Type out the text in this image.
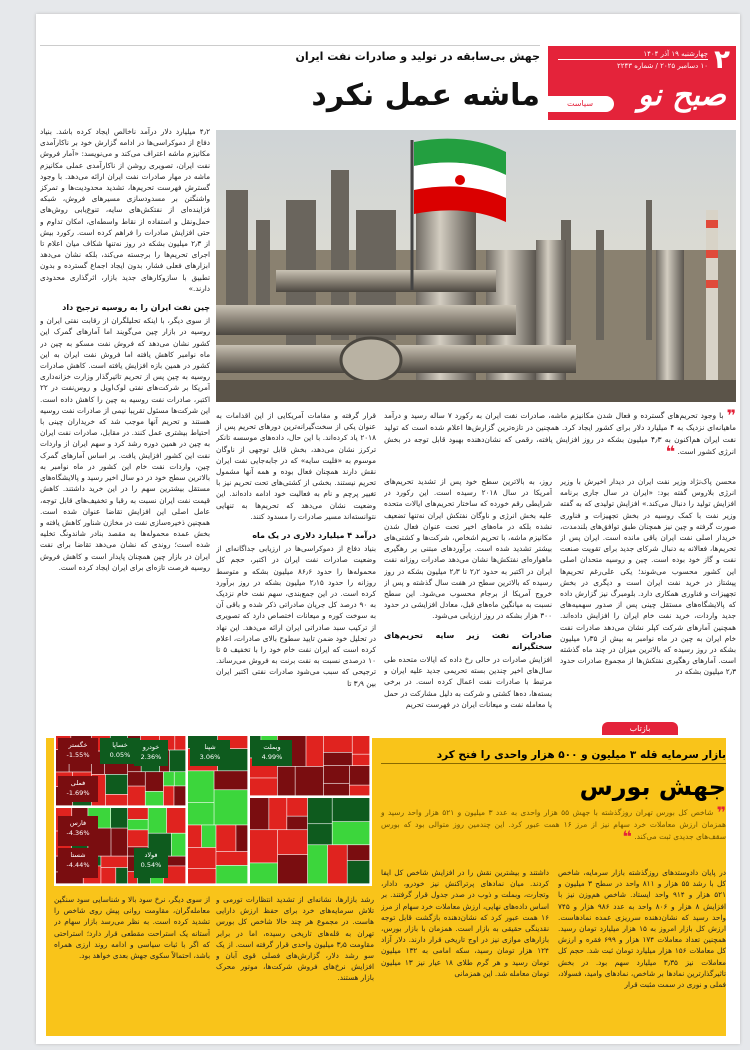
۲
چهارشنبه ۱۹ آذر ۱۴۰۴
۱۰ دسامبر ۲۰۲۵ / شماره ۲۲۴۳
صبح نو
سیاست
جهش بی‌سابقه در تولید و صادرات نفت ایران
ماشه عمل نکرد

۴٫۲ میلیارد دلار درآمد ناخالص ایجاد کرده باشد. بنیاد دفاع از دموکراسی‌ها در ادامه گزارش خود بر ناکارآمدی مکانیزم ماشه اعتراف می‌کند و می‌نویسد: «آمار فروش نفت ایران، تصویری روشن از ناکارآمدی عملی مکانیزم ماشه در مهار صادرات نفت ایران ارائه می‌دهد. با وجود گسترش فهرست تحریم‌ها، تشدید محدودیت‌ها و تمرکز واشنگتن بر مسدودسازی مسیرهای فروش، شبکه فزاینده‌ای از نفتکش‌های سایه، تنوع‌یابی روش‌های حمل‌ونقل و استفاده از نقاط واسطه‌ای، امکان تداوم و حتی افزایش صادرات را فراهم کرده است. رکورد بیش از ۲٫۳ میلیون بشکه در روز نه‌تنها شکاف میان اعلام تا اجرای تحریم‌ها را برجسته می‌کند، بلکه نشان می‌دهد ابزارهای فعلی فشار، بدون ایجاد اجماع گسترده و بدون تطبیق با سازوکارهای جدید بازار، اثرگذاری محدودی دارند.»

چین نفت ایران را به روسیه ترجیح داد

از سوی دیگر، با اینکه تحلیلگران از رقابت نفتی ایران و روسیه در بازار چین می‌گویند اما آمارهای گمرک این کشور نشان می‌دهد که فروش نفت مسکو به چین در ماه نوامبر کاهش یافته اما فروش نفت ایران به این کشور در همین بازه افزایش یافته است. کاهش صادرات روسیه به چین پس از تحریم تاثیرگذار وزارت خزانه‌داری آمریکا بر شرکت‌های نفتی لوک‌اویل و روس‌نفت در ۲۲ اکتبر، صادرات نفت روسیه به چین را کاهش داده است. این شرکت‌ها مسئول تقریبا نیمی از صادرات نفت روسیه هستند و تحریم آنها موجب شد که خریداران چینی با احتیاط بیشتری عمل کنند. در مقابل، صادرات نفت ایران به چین در همین دوره رشد کرد و سهم ایران از واردات نفت این کشور افزایش یافت. بر اساس آمارهای گمرک چین، واردات نفت خام این کشور در ماه نوامبر به بالاترین سطح خود در دو سال اخیر رسید و پالایشگاه‌های مستقل بیشترین سهم را در این خرید داشتند. کاهش قیمت نفت ایران نسبت به رقبا و تخفیف‌های قابل توجه، عامل اصلی این افزایش تقاضا عنوان شده است. همچنین ذخیره‌سازی نفت در مخازن شناور کاهش یافته و بخش عمده محموله‌ها به مقصد بنادر شاندونگ تخلیه شده است؛ روندی که نشان می‌دهد تقاضا برای نفت ایران در بازار چین همچنان پایدار است و کاهش فروش روسیه فرصت تازه‌ای برای ایران ایجاد کرده است.

❞ با وجود تحریم‌های گسترده و فعال شدن مکانیزم ماشه، صادرات نفت ایران به رکورد ۷ ساله رسید و درآمد ماهیانه‌ای نزدیک به ۴ میلیارد دلار برای کشور ایجاد کرد. همچنین در تازه‌ترین گزارش‌ها اعلام شده است که تولید نفت ایران هم‌اکنون به ۴٫۳ میلیون بشکه در روز افزایش یافته، رقمی که نشان‌دهنده بهبود قابل توجه در بخش انرژی کشور است. ❝

قرار گرفته و مقامات آمریکایی از این اقدامات به عنوان یکی از سخت‌گیرانه‌ترین دورهای تحریم پس از ۲۰۱۸ یاد کرده‌اند. با این حال، داده‌های موسسه تانکر ترکرز نشان می‌دهد، بخش قابل توجهی از ناوگان موسوم به «فلیت سایه» که در جابه‌جایی نفت ایران نقش دارند همچنان فعال بوده و همه آنها مشمول تحریم نیستند. بخشی از کشتی‌های تحت تحریم نیز با تغییر پرچم و نام به فعالیت خود ادامه داده‌اند. این وضعیت نشان می‌دهد که تحریم‌ها به تنهایی نتوانسته‌اند مسیر صادرات را مسدود کنند.

درآمد ۴ میلیارد دلاری در یک ماه

بنیاد دفاع از دموکراسی‌ها در ارزیابی جداگانه‌ای از وضعیت صادرات نفت ایران در اکتبر، حجم کل محموله‌ها را حدود ۸۶٫۶ میلیون بشکه و متوسط روزانه را حدود ۲٫۱۵ میلیون بشکه در روز برآورد کرده است. در این جمع‌بندی، سهم نفت خام نزدیک به ۹۰ درصد کل جریان صادراتی ذکر شده و باقی آن به سوخت کوره و میعانات اختصاص دارد که تصویری از ترکیب سبد صادراتی ایران ارائه می‌دهد. این نهاد در تحلیل خود ضمن تایید سطوح بالای صادرات، اعلام کرده است که ایران نفت خام خود را با تخفیف ۵ تا ۱۰ درصدی نسبت به نفت برنت به فروش می‌رساند. ترجیحی که سبب می‌شود صادرات نفتی اکتبر ایران بین ۳٫۹ تا

روز، به بالاترین سطح خود پس از تشدید تحریم‌های آمریکا در سال ۲۰۱۸ رسیده است. این رکورد در شرایطی رقم خورده که ساختار تحریم‌های ایالات متحده علیه بخش انرژی و ناوگان نفتکش ایران نه‌تنها تضعیف نشده بلکه در ماه‌های اخیر تحت عنوان فعال شدن مکانیزم ماشه، با تحریم اشخاص، شرکت‌ها و کشتی‌های بیشتر تشدید شده است. برآوردهای مبتنی بر رهگیری ماهواره‌ای نفتکش‌ها نشان می‌دهد صادرات روزانه نفت ایران در اکتبر به حدود ۲٫۲ تا ۲٫۳ میلیون بشکه در روز رسیده که بالاترین سطح در هفت سال گذشته و پس از خروج آمریکا از برجام محسوب می‌شود. این سطح نسبت به میانگین ماه‌های قبل، معادل افزایشی در حدود ۳۰۰ هزار بشکه در روز ارزیابی می‌شود.

صادرات نفت زیر سایه تحریم‌های سختگیرانه

افزایش صادرات در حالی رخ داده که ایالات متحده طی سال‌های اخیر چندین بسته تحریمی جدید علیه ایران و مرتبط با صادرات نفت اعمال کرده است. در برخی بسته‌ها، ده‌ها کشتی و شرکت به دلیل مشارکت در حمل یا معامله نفت و میعانات ایران در فهرست تحریم

محسن پاک‌نژاد وزیر نفت ایران در دیدار اخیرش با وزیر انرژی بلاروس گفته بود: «ایران در سال جاری برنامه افزایش تولید را دنبال می‌کند.» افزایش تولیدی که به گفته وزیر نفت با کمک روسیه در بخش تجهیزات و فناوری صورت گرفته و چین نیز همچنان طبق توافق‌های بلندمدت، خریدار اصلی نفت ایران باقی مانده است. ایران پس از تحریم‌ها، فعالانه به دنبال شرکای جدید برای تقویت صنعت نفت و گاز خود بوده است. چین و روسیه متحدان اصلی این کشور محسوب می‌شوند؛ یکی علی‌رغم تحریم‌ها پیشتاز در خرید نفت ایران است و دیگری در بخش تجهیزات و فناوری همکاری دارد. بلومبرگ نیز گزارش داده که پالایشگاه‌های مستقل چینی پس از صدور سهمیه‌های جدید واردات، خرید نفت خام ایران را افزایش داده‌اند. همچنین آمارهای شرکت کپلر نشان می‌دهد صادرات نفت خام ایران به چین در ماه نوامبر به بیش از ۱٫۳۵ میلیون بشکه در روز رسیده که بالاترین میزان در چند ماه گذشته است. آمارهای رهگیری نفتکش‌ها از مجموع صادرات حدود ۲٫۳ میلیون بشکه در

بازتاب
خگستر
-1.55%
خساپا
0.05%
خودرو
2.36%
شپنا
3.06%
وبملت
4.99%
فارس
-4.36%
شستا
-4.44%
فولاد
0.54%
فملی
-1.69%
بازار سرمایه قله ۳ میلیون و ۵۰۰ هزار واحدی را فتح کرد
جهش بورس
❞ شاخص کل بورس تهران روزگذشته با جهش ۵۵ هزار واحدی به عدد ۳ میلیون و ۵۲۱ هزار واحد رسید و همزمان ارزش معاملات خرد سهام نیز از مرز ۱۶ همت عبور کرد. این چندمین روز متوالی بود که بورس سقف‌های جدیدی ثبت می‌کند. ❝
در پایان دادوستدهای روزگذشته بازار سرمایه، شاخص کل با رشد ۵۵ هزار و ۸۱۱ واحد در سطح ۳ میلیون و ۵۲۱ هزار و ۹۱۴ واحد ایستاد. شاخص هم‌وزن نیز با افزایش ۸ هزار و ۸۰۶ واحد به عدد ۹۸۶ هزار و ۷۴۵ واحد رسید که نشان‌دهنده سرریزی عمده نمادهاست. ارزش کل بازار امروز به ۱۵ هزار میلیارد تومان رسید. همچنین تعداد معاملات ۱۷۴ هزار و ۶۹۹ فقره و ارزش کل معاملات ۱۵۶ هزار میلیارد تومان ثبت شد. حجم کل معاملات نیز ۳٫۳۵ میلیارد سهم بود. در بخش تاثیرگذارترین نمادها بر شاخص، نمادهای وامید، فسولاد، فملی و نوری در سمت مثبت قرار
داشتند و بیشترین نقش را در افزایش شاخص کل ایفا کردند. میان نمادهای پرتراکنش نیز خودرو، دادار، وتجارت، وبملت و ذوب در صدر جدول قرار گرفتند. بر اساس داده‌های نهایی، ارزش معاملات خرد سهام از مرز ۱۶ همت عبور کرد که نشان‌دهنده بازگشت قابل توجه نقدینگی حقیقی به بازار است. همزمان با بازار بورس، بازارهای موازی نیز در اوج تاریخی قرار دارند. دلار آزاد ۱۲۴ هزار تومان رسید، سکه امامی به ۱۳۲ میلیون تومان رسید و هر گرم طلای ۱۸ عیار نیز ۱۳ میلیون تومان معامله شد. این همزمانی
رشد بازارها، نشانه‌ای از تشدید انتظارات تورمی و تلاش سرمایه‌های خرد برای حفظ ارزش دارایی هاست. در مجموع هر چند حالا شاخص کل بورس تهران به قله‌های تاریخی رسیده، اما در برابر مقاومت ۳٫۵ میلیون واحدی قرار گرفته است. از یک سو رشد دلار، گزارش‌های فصلی قوی آبان و افزایش نرخ‌های فروش شرکت‌ها، موتور محرک بازار هستند.
از سوی دیگر، نرخ سود بالا و شناسایی سود سنگین معامله‌گران، مقاومت روانی پیش روی شاخص را تشدید کرده است. به نظر می‌رسد بازار سهام در آستانه یک استراحت مقطعی قرار دارد؛ استراحتی که اگر با ثبات سیاسی و ادامه روند ارزی همراه باشد، احتمالاً سکوی جهش بعدی خواهد بود.
